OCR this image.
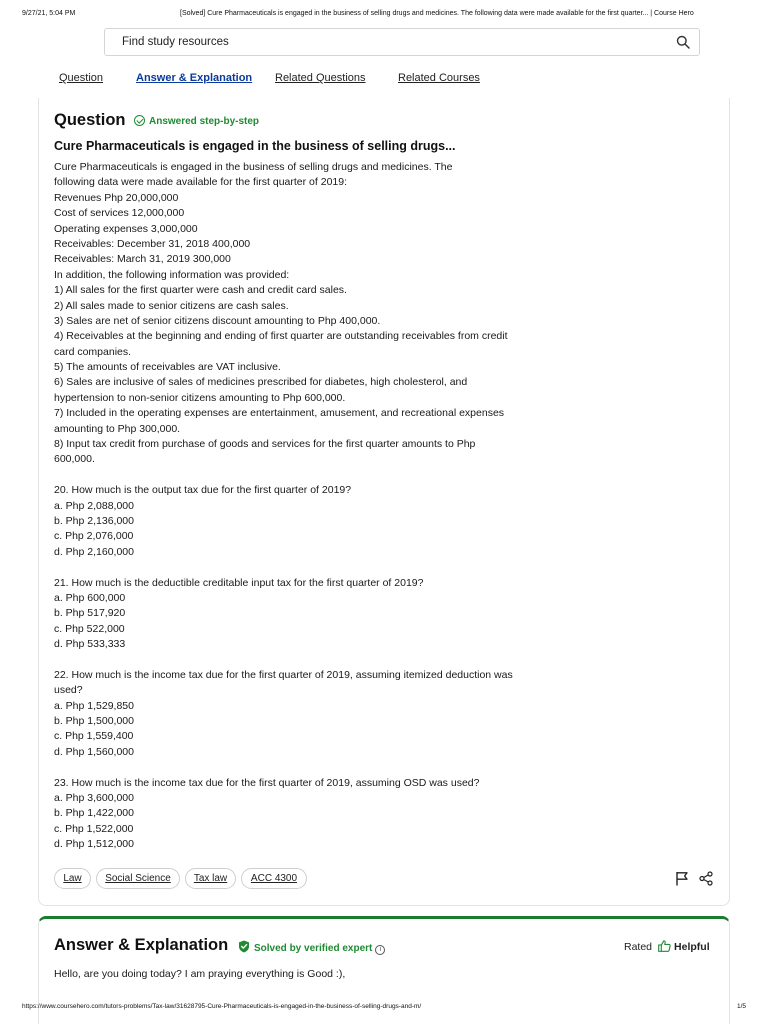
9/27/21, 5:04 PM	[Solved] Cure Pharmaceuticals is engaged in the business of selling drugs and medicines. The following data were made available for the first quarter... | Course Hero
Find study resources
Question	Answer & Explanation Related Questions	Related Courses
Question	Answered step-by-step
Cure Pharmaceuticals is engaged in the business of selling drugs...
Cure Pharmaceuticals is engaged in the business of selling drugs and medicines. The
following data were made available for the first quarter of 2019:
Revenues Php 20,000,000
Cost of services 12,000,000
Operating expenses 3,000,000
Receivables: December 31, 2018 400,000
Receivables: March 31, 2019 300,000
In addition, the following information was provided:
1) All sales for the first quarter were cash and credit card sales.
2) All sales made to senior citizens are cash sales.
3) Sales are net of senior citizens discount amounting to Php 400,000.
4) Receivables at the beginning and ending of first quarter are outstanding receivables from credit
card companies.
5) The amounts of receivables are VAT inclusive.
6) Sales are inclusive of sales of medicines prescribed for diabetes, high cholesterol, and
hypertension to non-senior citizens amounting to Php 600,000.
7) Included in the operating expenses are entertainment, amusement, and recreational expenses
amounting to Php 300,000.
8) Input tax credit from purchase of goods and services for the first quarter amounts to Php
600,000.
20. How much is the output tax due for the first quarter of 2019?
a. Php 2,088,000
b. Php 2,136,000
c. Php 2,076,000
d. Php 2,160,000
21. How much is the deductible creditable input tax for the first quarter of 2019?
a. Php 600,000
b. Php 517,920
c. Php 522,000
d. Php 533,333
22. How much is the income tax due for the first quarter of 2019, assuming itemized deduction was
used?
a. Php 1,529,850
b. Php 1,500,000
c. Php 1,559,400
d. Php 1,560,000
23. How much is the income tax due for the first quarter of 2019, assuming OSD was used?
a. Php 3,600,000
b. Php 1,422,000
c. Php 1,522,000
d. Php 1,512,000
Law	Social Science	Tax law	ACC 4300
Answer & Explanation	Solved by verified expert i	Rated Helpful
Hello, are you doing today? I am praying everything is Good :),
https://www.coursehero.com/tutors-problems/Tax-law/31628795-Cure-Pharmaceuticals-is-engaged-in-the-business-of-selling-drugs-and-m/	1/5
